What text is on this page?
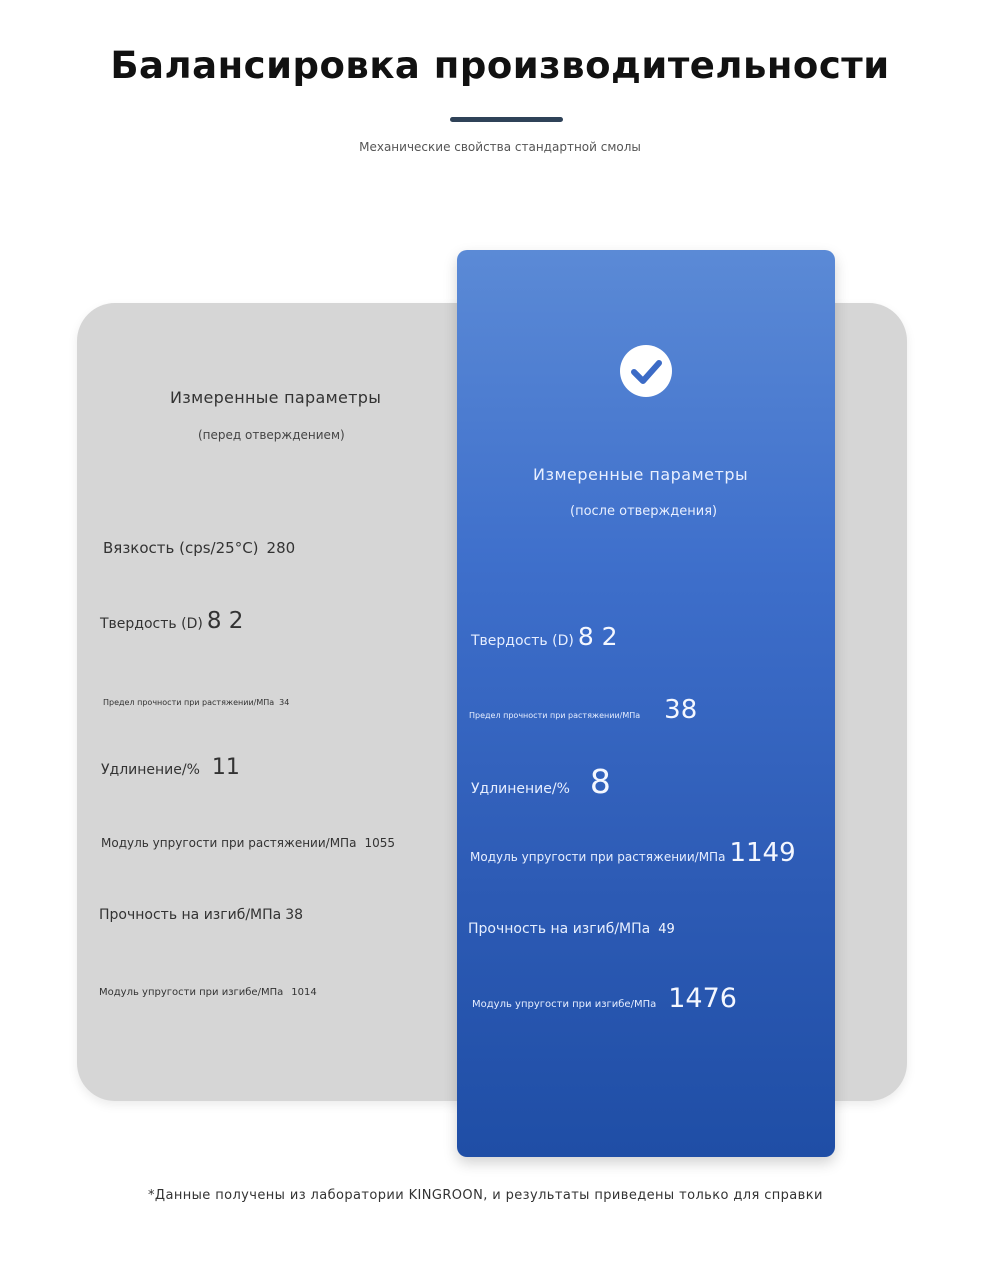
Балансировка производительности
Механические свойства стандартной смолы
Измеренные параметры
(перед отверждением)
Измеренные параметры
(после отверждения)
Вязкость (cps/25°C) 280
Твердость (D) 8 2
Предел прочности при растяжении/МПа 34
Удлинение/% 11
Модуль упругости при растяжении/МПа 1055
Прочность на изгиб/МПа 38
Модуль упругости при изгибе/МПа 1014
Твердость (D) 8 2
Предел прочности при растяжении/МПа 38
Удлинение/% 8
Модуль упругости при растяжении/МПа 1149
Прочность на изгиб/МПа 49
Модуль упругости при изгибе/МПа 1476
*Данные получены из лаборатории KINGROON, и результаты приведены только для справки
